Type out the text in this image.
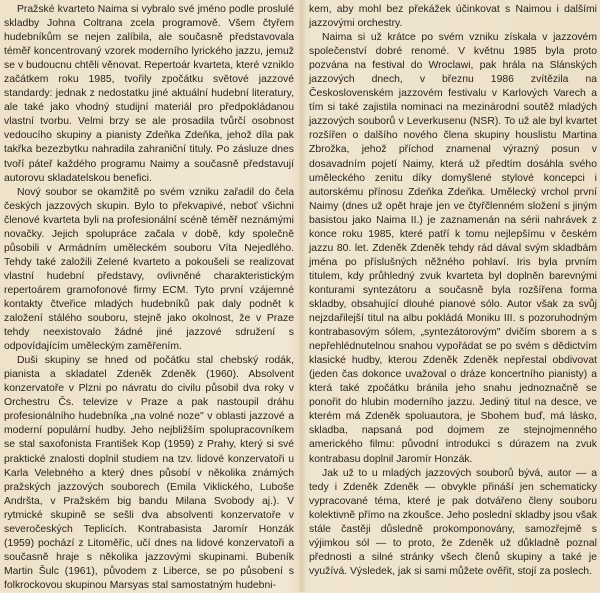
Pražské kvarteto Naima si vybralo své jméno podle proslulé skladby Johna Coltrana zcela programově. Všem čtyřem hudebníkům se nejen zalíbila, ale současně představovala téměř koncentrovaný vzorek moderního lyrického jazzu, jemuž se v budoucnu chtěli věnovat. Repertoár kvarteta, které vzniklo začátkem roku 1985, tvořily zpočátku světové jazzové standardy: jednak z nedostatku jiné aktuální hudební literatury, ale také jako vhodný studijní materiál pro předpokládanou vlastní tvorbu. Velmi brzy se ale prosadila tvůrčí osobnost vedoucího skupiny a pianisty Zdeňka Zdeňka, jehož díla pak takřka bezezbytku nahradila zahraniční tituly. Po zásluze dnes tvoří páteř každého programu Naimy a současně představují autorovu skladatelskou benefici.

Nový soubor se okamžitě po svém vzniku zařadil do čela českých jazzových skupin. Bylo to překvapivé, neboť všichni členové kvarteta byli na profesionální scéně téměř neznámými novačky. Jejich spolupráce začala v době, kdy společně působili v Armádním uměleckém souboru Víta Nejedlého. Tehdy také založili Zelené kvarteto a pokoušeli se realizovat vlastní hudební představy, ovlivněné charakteristickým repertoárem gramofonové firmy ECM. Tyto první vzájemné kontakty čtveřice mladých hudebníků pak daly podnět k založení stálého souboru, stejně jako okolnost, že v Praze tehdy neexistovalo žádné jiné jazzové sdružení s odpovídajícím uměleckým zaměřením.

Duši skupiny se hned od počátku stal chebský rodák, pianista a skladatel Zdeněk Zdeněk (1960). Absolvent konzervatoře v Plzni po návratu do civilu působil dva roky v Orchestru Čs. televize v Praze a pak nastoupil dráhu profesionálního hudebníka „na volné noze" v oblasti jazzové a moderní populární hudby. Jeho nejbližším spolupracovníkem se stal saxofonista František Kop (1959) z Prahy, který si své praktické znalosti doplnil studiem na tzv. lidové konzervatoři u Karla Velebného a který dnes působí v několika známých pražských jazzových souborech (Emila Viklického, Luboše Andršta, v Pražském big bandu Milana Svobody aj.). V rytmické skupině se sešli dva absolventi konzervatoře v severočeských Teplicích. Kontrabasista Jaromír Honzák (1959) pochází z Litoměřic, učí dnes na lidové konzervatoři a současně hraje s několika jazzovými skupinami. Bubeník Martin Šulc (1961), původem z Liberce, se po působení s folkrockovou skupinou Marsyas stal samostatným hudebni-

kem, aby mohl bez překážek účinkovat s Naimou i dalšími jazzovými orchestry.

Naima si už krátce po svém vzniku získala v jazzovém společenství dobré renomé. V květnu 1985 byla proto pozvána na festival do Wroclawi, pak hrála na Slánských jazzových dnech, v březnu 1986 zvítězila na Československém jazzovém festivalu v Karlových Varech a tím si také zajistila nominaci na mezinárodní soutěž mladých jazzových souborů v Leverkusenu (NSR). To už ale byl kvartet rozšířen o dalšího nového člena skupiny houslistu Martina Zbrožka, jehož příchod znamenal výrazný posun v dosavadním pojetí Naimy, která už předtím dosáhla svého uměleckého zenitu díky domyšlené stylové koncepci i autorskému přínosu Zdeňka Zdeňka. Umělecký vrchol první Naimy (dnes už opět hraje jen ve čtyřčlenném složení s jiným basistou jako Naima II.) je zaznamenán na sérii nahrávek z konce roku 1985, které patří k tomu nejlepšímu v českém jazzu 80. let. Zdeněk Zdeněk tehdy rád dával svým skladbám jména po příslušných něžného pohlaví. Iris byla prvním titulem, kdy průhledný zvuk kvarteta byl doplněn barevnými konturami syntezátoru a současně byla rozšířena forma skladby, obsahující dlouhé pianové sólo. Autor však za svůj nejzdařilejší titul na albu pokládá Moniku III. s pozoruhodným kontrabasovým sólem, „syntezátorovým" dvičím sborem a s nepřehlédnutelnou snahou vypořádat se po svém s dědictvím klasické hudby, kterou Zdeněk Zdeněk nepřestal obdivovat (jeden čas dokonce uvažoval o dráze koncertního pianisty) a která také zpočátku bránila jeho snahu jednoznačně se ponořit do hlubin moderního jazzu. Jediný titul na desce, ve kterém má Zdeněk spoluautora, je Sbohem buď, má lásko, skladba, napsaná pod dojmem ze stejnojmenného amerického filmu: původní introdukci s dúrazem na zvuk kontrabasu doplnil Jaromír Honzák.

Jak už to u mladých jazzových souborů bývá, autor — a tedy i Zdeněk Zdeněk — obvykle přináší jen schematicky vypracované téma, které je pak dotvářeno členy souboru kolektivně přímo na zkoušce. Jeho poslední skladby jsou však stále častěji důsledně prokomponovány, samozřejmě s výjimkou sól — to proto, že Zdeněk už důkladně poznal přednosti a silné stránky všech členů skupiny a také je využívá. Výsledek, jak si sami můžete ověřit, stojí za poslech.
